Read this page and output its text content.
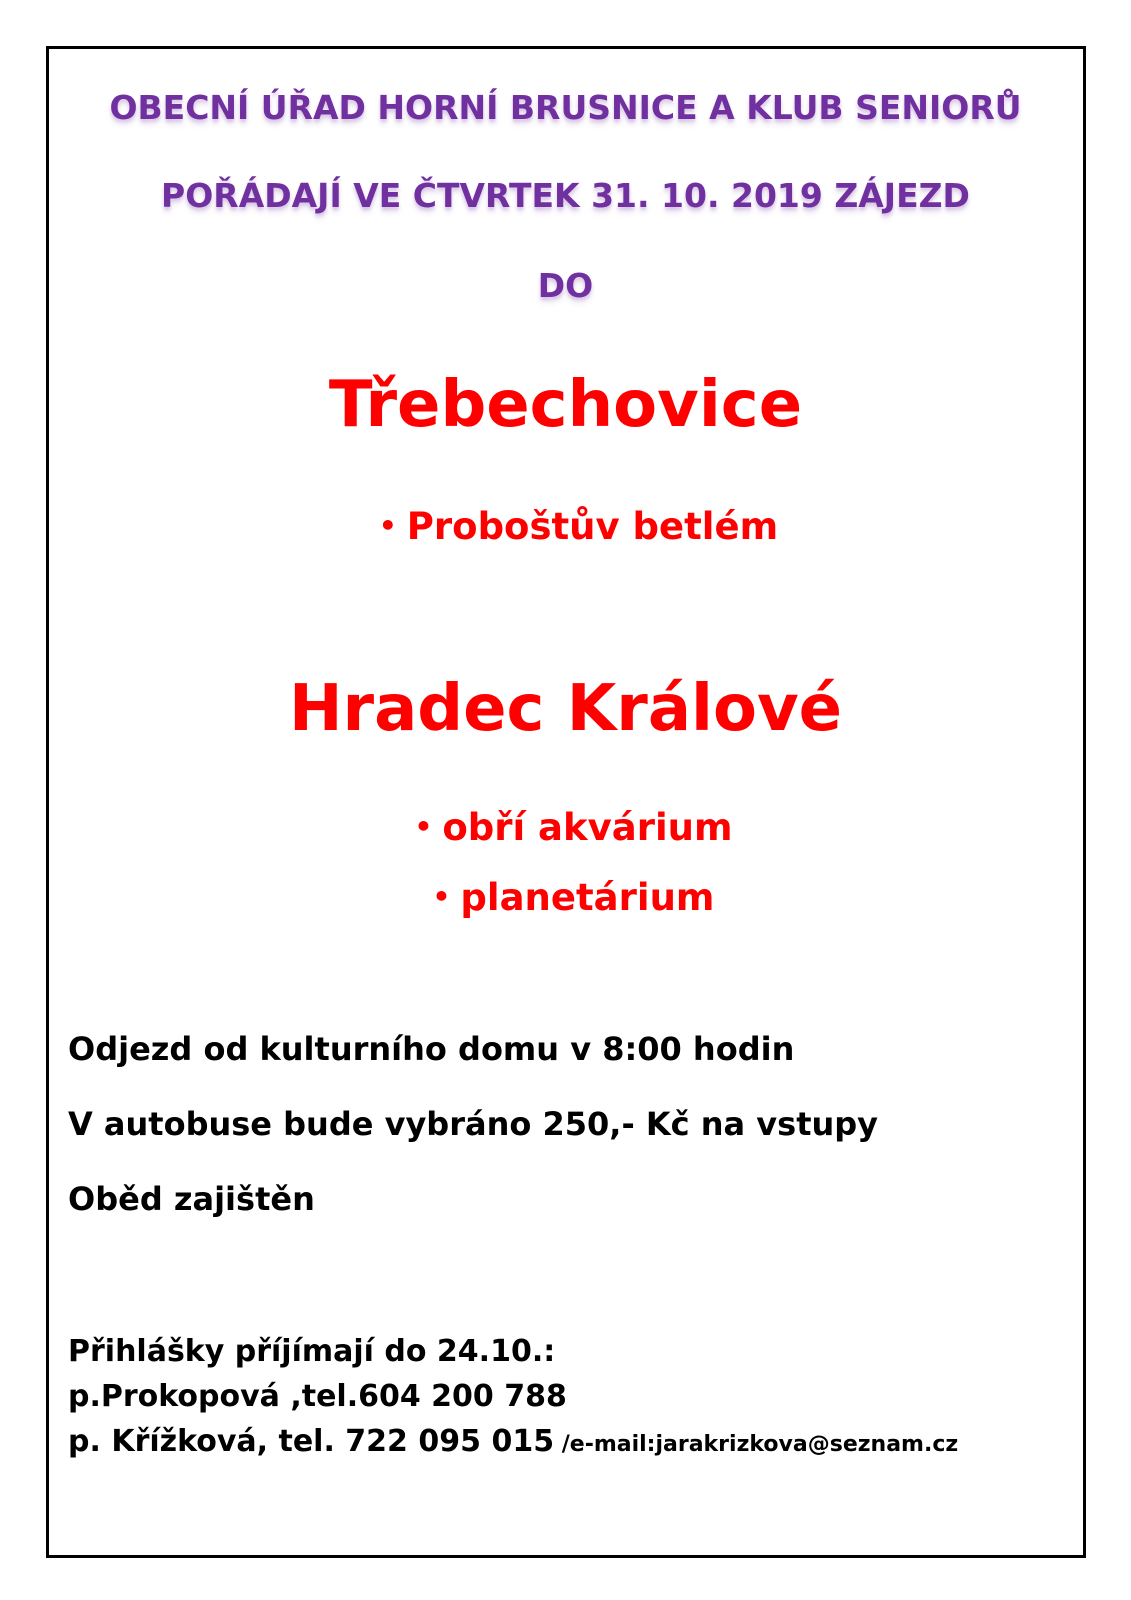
OBECNÍ ÚŘAD HORNÍ BRUSNICE A KLUB SENIORŮ
POŘÁDAJÍ VE ČTVRTEK 31. 10. 2019 ZÁJEZD
DO
Třebechovice
• Proboštův betlém
Hradec Králové
• obří akvárium
• planetárium
Odjezd od kulturního domu v 8:00 hodin
V autobuse bude vybráno 250,- Kč na vstupy
Oběd zajištěn
Přihlášky příjímají do 24.10.:
p.Prokopová ,tel.604 200 788
p. Křížková, tel. 722 095 015 /e-mail:jarakrizkova@seznam.cz
